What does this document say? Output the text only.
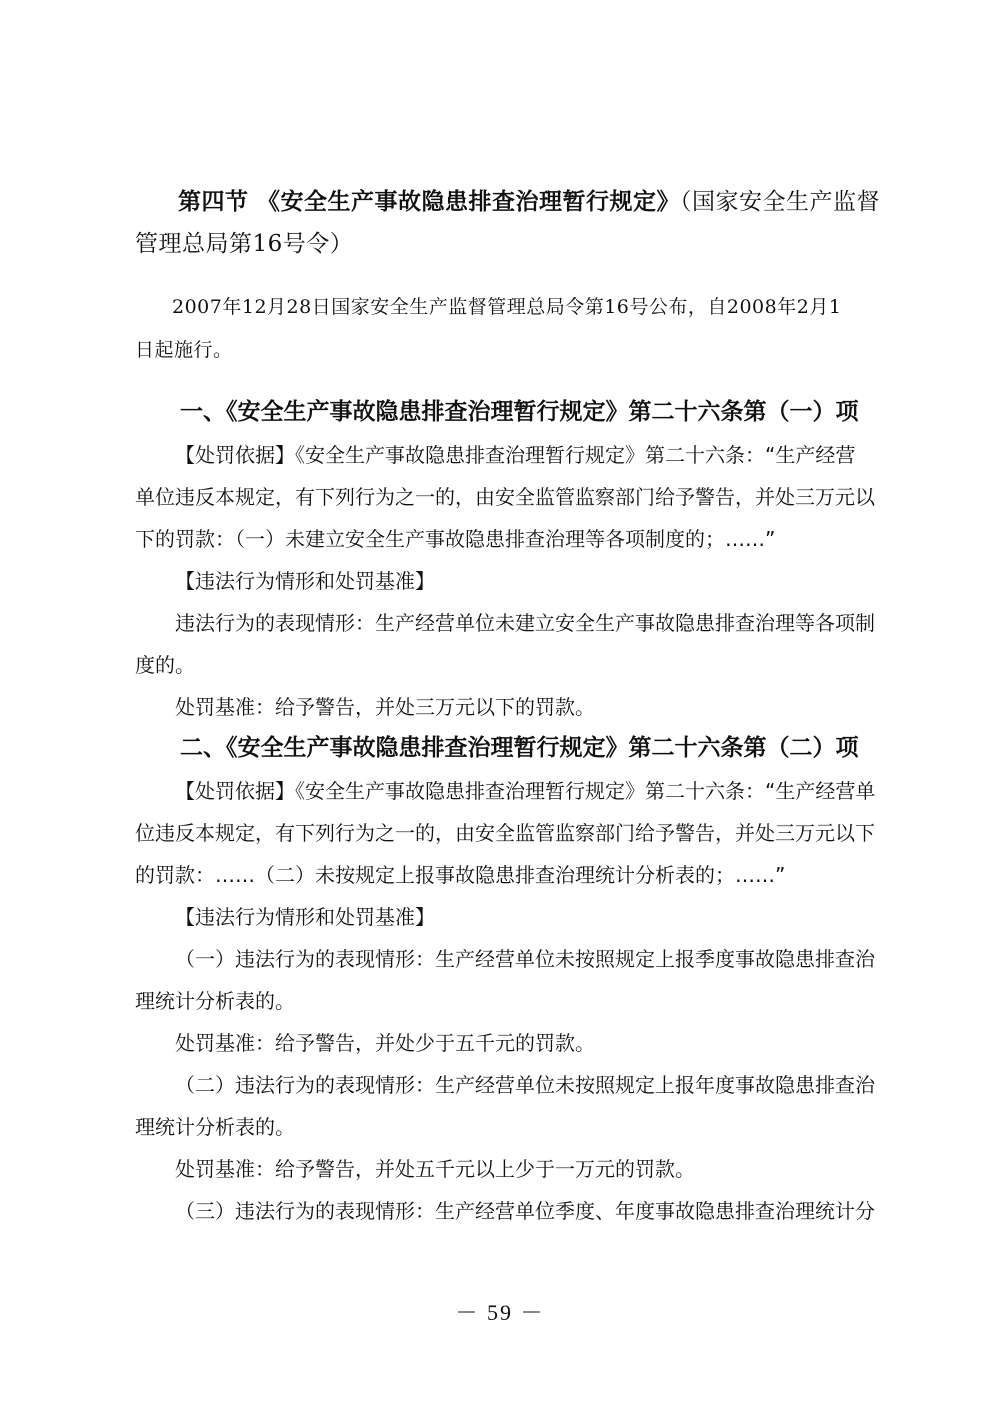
第四节 《安全生产事故隐患排查治理暂行规定》（国家安全生产监督
管理总局第16号令）
2007年12月28日国家安全生产监督管理总局令第16号公布，自2008年2月1
日起施行。
一、《安全生产事故隐患排查治理暂行规定》第二十六条第（一）项
【处罚依据】《安全生产事故隐患排查治理暂行规定》第二十六条：“生产经营
单位违反本规定，有下列行为之一的，由安全监管监察部门给予警告，并处三万元以
下的罚款：（一）未建立安全生产事故隐患排查治理等各项制度的；……”
【违法行为情形和处罚基准】
违法行为的表现情形：生产经营单位未建立安全生产事故隐患排查治理等各项制
度的。
处罚基准：给予警告，并处三万元以下的罚款。
二、《安全生产事故隐患排查治理暂行规定》第二十六条第（二）项
【处罚依据】《安全生产事故隐患排查治理暂行规定》第二十六条：“生产经营单
位违反本规定，有下列行为之一的，由安全监管监察部门给予警告，并处三万元以下
的罚款：……（二）未按规定上报事故隐患排查治理统计分析表的；……”
【违法行为情形和处罚基准】
（一）违法行为的表现情形：生产经营单位未按照规定上报季度事故隐患排查治
理统计分析表的。
处罚基准：给予警告，并处少于五千元的罚款。
（二）违法行为的表现情形：生产经营单位未按照规定上报年度事故隐患排查治
理统计分析表的。
处罚基准：给予警告，并处五千元以上少于一万元的罚款。
（三）违法行为的表现情形：生产经营单位季度、年度事故隐患排查治理统计分
－ 59 －
